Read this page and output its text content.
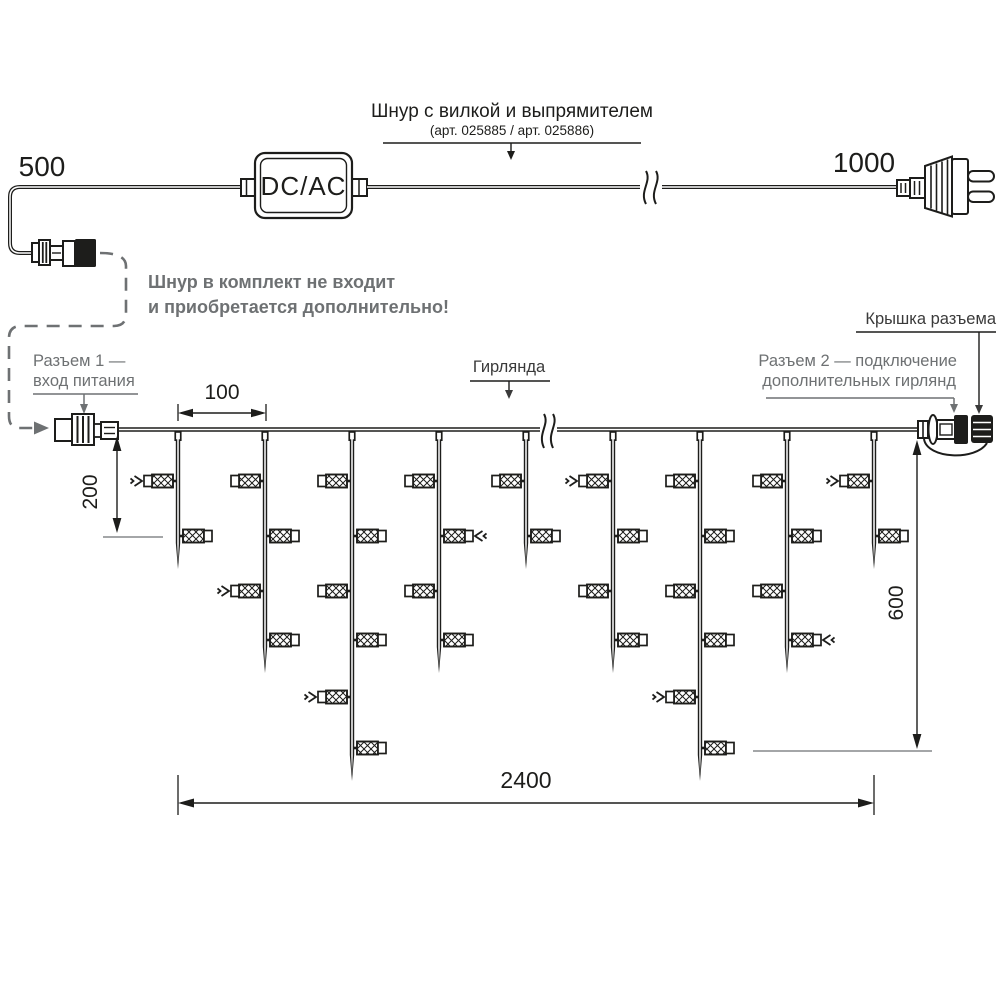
500
DC/AC
1000
Шнур с вилкой и выпрямителем
(арт. 025885 / арт. 025886)
Шнур в комплект не входит
и приобретается дополнительно!
Разъем 1 —
вход питания
Гирлянда	Разъем 2 — подключение
дополнительных гирлянд
Крышка разъема
100
200
600
2400
